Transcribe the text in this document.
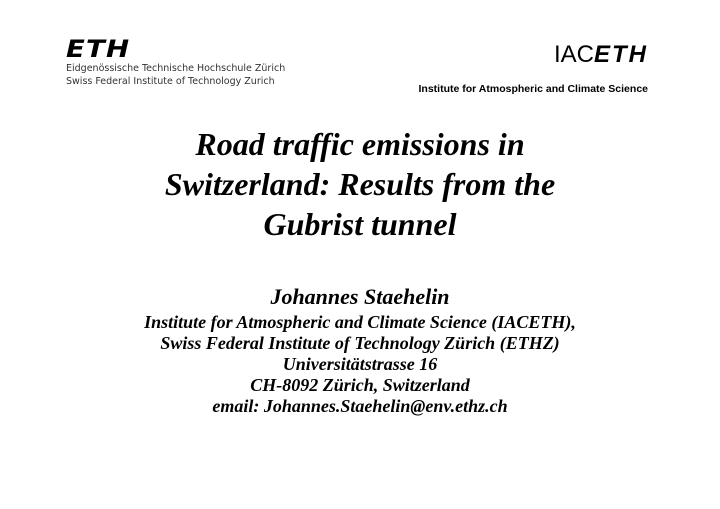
ETH
Eidgenössische Technische Hochschule Zürich
Swiss Federal Institute of Technology Zurich
IACETH
Institute for Atmospheric and Climate Science
Road traffic emissions in
Switzerland: Results from the
Gubrist tunnel
Johannes Staehelin
Institute for Atmospheric and Climate Science (IACETH),
Swiss Federal Institute of Technology Zürich (ETHZ)
Universitätstrasse 16
CH-8092 Zürich, Switzerland
email: Johannes.Staehelin@env.ethz.ch
